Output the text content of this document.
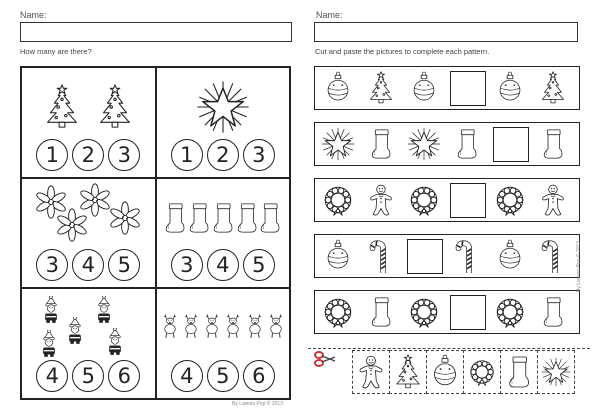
Name:
How many are there?
1	2	3	1	2	3
3	4	5	3	4	5
4	5	6	4	5	6
By Lavinia Pop © 2013
Name:
Cut and paste the pictures to complete each pattern.
By Lavinia Pop © 2013
